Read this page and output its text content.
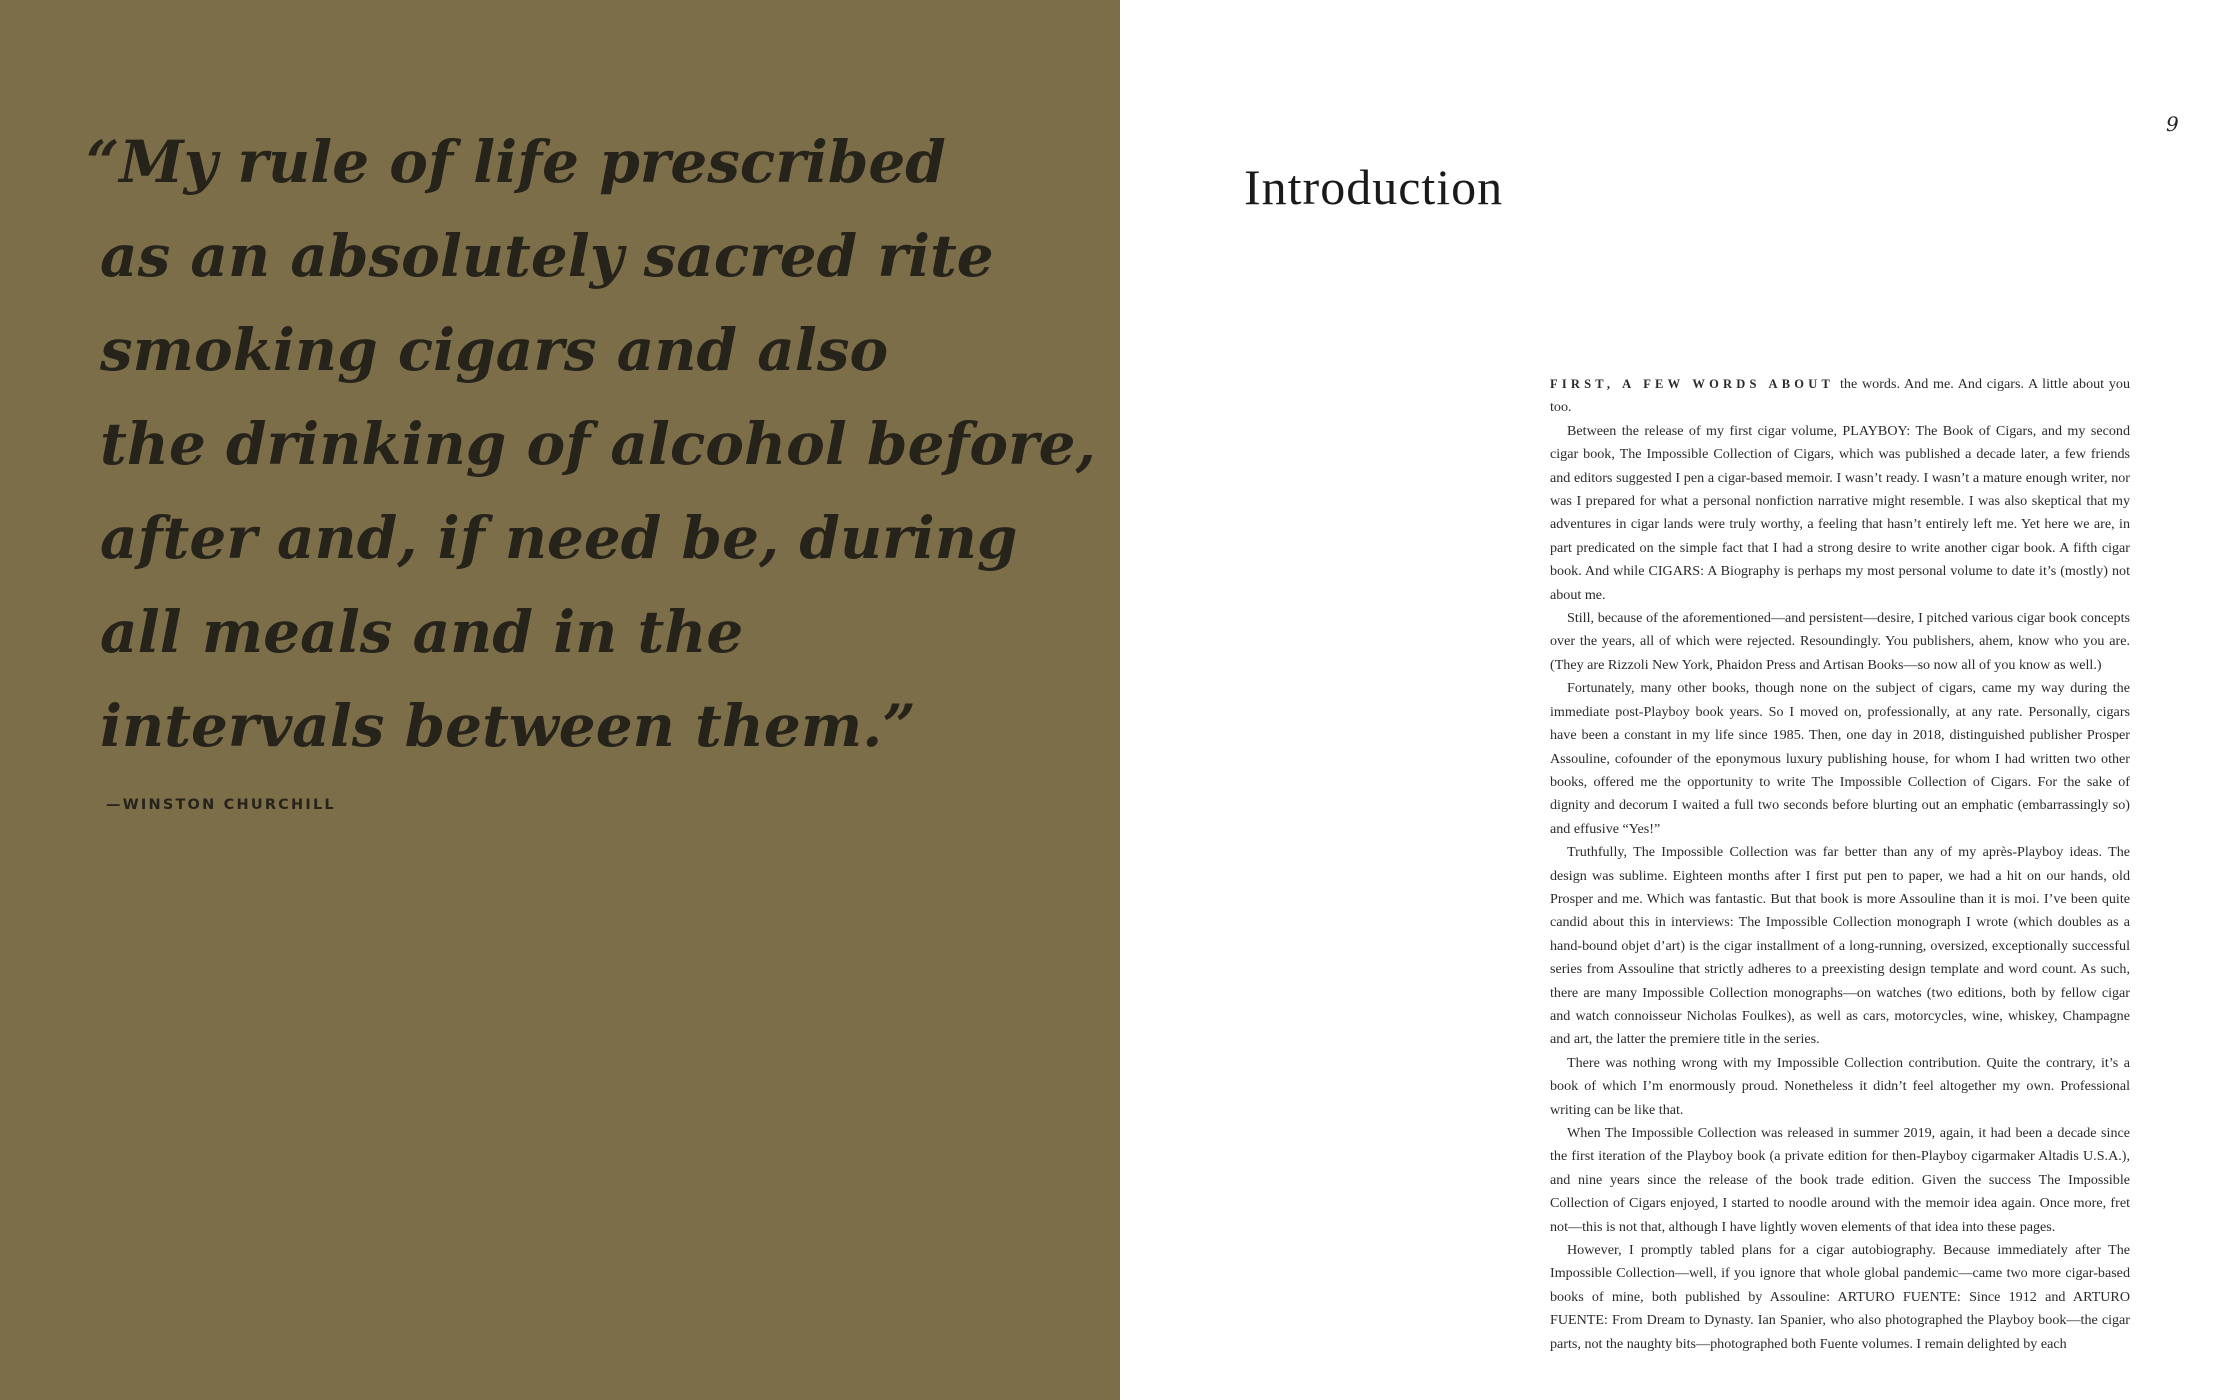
“My rule of life prescribed
as an absolutely sacred rite
smoking cigars and also
the drinking of alcohol before,
after and, if need be, during
all meals and in the
intervals between them.”
—WINSTON CHURCHILL
9
Introduction

FIRST, A FEW WORDS ABOUT the words. And me. And cigars. A little about you too.

Between the release of my first cigar volume, PLAYBOY: The Book of Cigars, and my second cigar book, The Impossible Collection of Cigars, which was published a decade later, a few friends and editors suggested I pen a cigar-based memoir. I wasn’t ready. I wasn’t a mature enough writer, nor was I prepared for what a personal nonfiction narrative might resemble. I was also skeptical that my adventures in cigar lands were truly worthy, a feeling that hasn’t entirely left me. Yet here we are, in part predicated on the simple fact that I had a strong desire to write another cigar book. A fifth cigar book. And while CIGARS: A Biography is perhaps my most personal volume to date it’s (mostly) not about me.

Still, because of the aforementioned—and persistent—desire, I pitched various cigar book concepts over the years, all of which were rejected. Resoundingly. You publishers, ahem, know who you are. (They are Rizzoli New York, Phaidon Press and Artisan Books—so now all of you know as well.)

Fortunately, many other books, though none on the subject of cigars, came my way during the immediate post-Playboy book years. So I moved on, professionally, at any rate. Personally, cigars have been a constant in my life since 1985. Then, one day in 2018, distinguished publisher Prosper Assouline, cofounder of the eponymous luxury publishing house, for whom I had written two other books, offered me the opportunity to write The Impossible Collection of Cigars. For the sake of dignity and decorum I waited a full two seconds before blurting out an emphatic (embarrassingly so) and effusive “Yes!”

Truthfully, The Impossible Collection was far better than any of my après-Playboy ideas. The design was sublime. Eighteen months after I first put pen to paper, we had a hit on our hands, old Prosper and me. Which was fantastic. But that book is more Assouline than it is moi. I’ve been quite candid about this in interviews: The Impossible Collection monograph I wrote (which doubles as a hand-bound objet d’art) is the cigar installment of a long-running, oversized, exceptionally successful series from Assouline that strictly adheres to a preexisting design template and word count. As such, there are many Impossible Collection monographs—on watches (two editions, both by fellow cigar and watch connoisseur Nicholas Foulkes), as well as cars, motorcycles, wine, whiskey, Champagne and art, the latter the premiere title in the series.

There was nothing wrong with my Impossible Collection contribution. Quite the contrary, it’s a book of which I’m enormously proud. Nonetheless it didn’t feel altogether my own. Professional writing can be like that.

When The Impossible Collection was released in summer 2019, again, it had been a decade since the first iteration of the Playboy book (a private edition for then-Playboy cigarmaker Altadis U.S.A.), and nine years since the release of the book trade edition. Given the success The Impossible Collection of Cigars enjoyed, I started to noodle around with the memoir idea again. Once more, fret not—this is not that, although I have lightly woven elements of that idea into these pages.

However, I promptly tabled plans for a cigar autobiography. Because immediately after The Impossible Collection—well, if you ignore that whole global pandemic—came two more cigar-based books of mine, both published by Assouline: ARTURO FUENTE: Since 1912 and ARTURO FUENTE: From Dream to Dynasty. Ian Spanier, who also photographed the Playboy book—the cigar parts, not the naughty bits—photographed both Fuente volumes. I remain delighted by each
